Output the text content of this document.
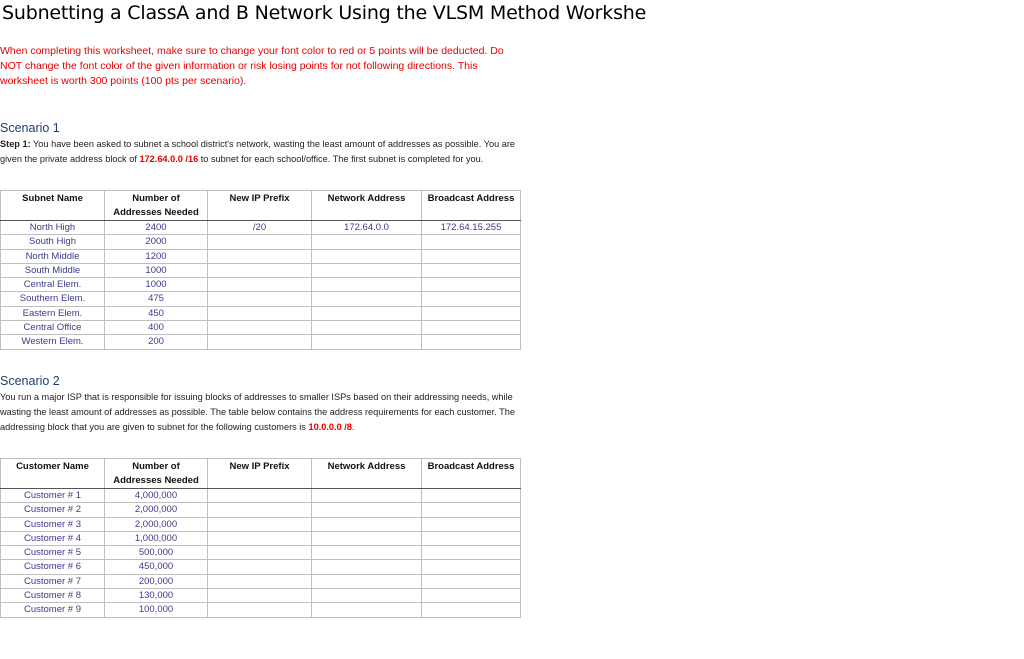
Subnetting a ClassA and B Network Using the VLSM Method Workshe
When completing this worksheet, make sure to change your font color to red or 5 points will be deducted. Do NOT change the font color of the given information or risk losing points for not following directions. This worksheet is worth 300 points (100 pts per scenario).
Scenario 1
Step 1: You have been asked to subnet a school district's network, wasting the least amount of addresses as possible. You are given the private address block of 172.64.0.0 /16 to subnet for each school/office. The first subnet is completed for you.
Subnet Name	Number of Addresses Needed	New IP Prefix	Network Address	Broadcast Address
North High	2400	/20	172.64.0.0	172.64.15.255
South High	2000			
North Middle	1200			
South Middle	1000			
Central Elem.	1000			
Southern Elem.	475			
Eastern Elem.	450			
Central Office	400			
Western Elem.	200			
Scenario 2
You run a major ISP that is responsible for issuing blocks of addresses to smaller ISPs based on their addressing needs, while wasting the least amount of addresses as possible. The table below contains the address requirements for each customer. The addressing block that you are given to subnet for the following customers is 10.0.0.0 /8.
Customer Name	Number of Addresses Needed	New IP Prefix	Network Address	Broadcast Address
Customer # 1	4,000,000			
Customer # 2	2,000,000			
Customer # 3	2,000,000			
Customer # 4	1,000,000			
Customer # 5	500,000			
Customer # 6	450,000			
Customer # 7	200,000			
Customer # 8	130,000			
Customer # 9	100,000			
